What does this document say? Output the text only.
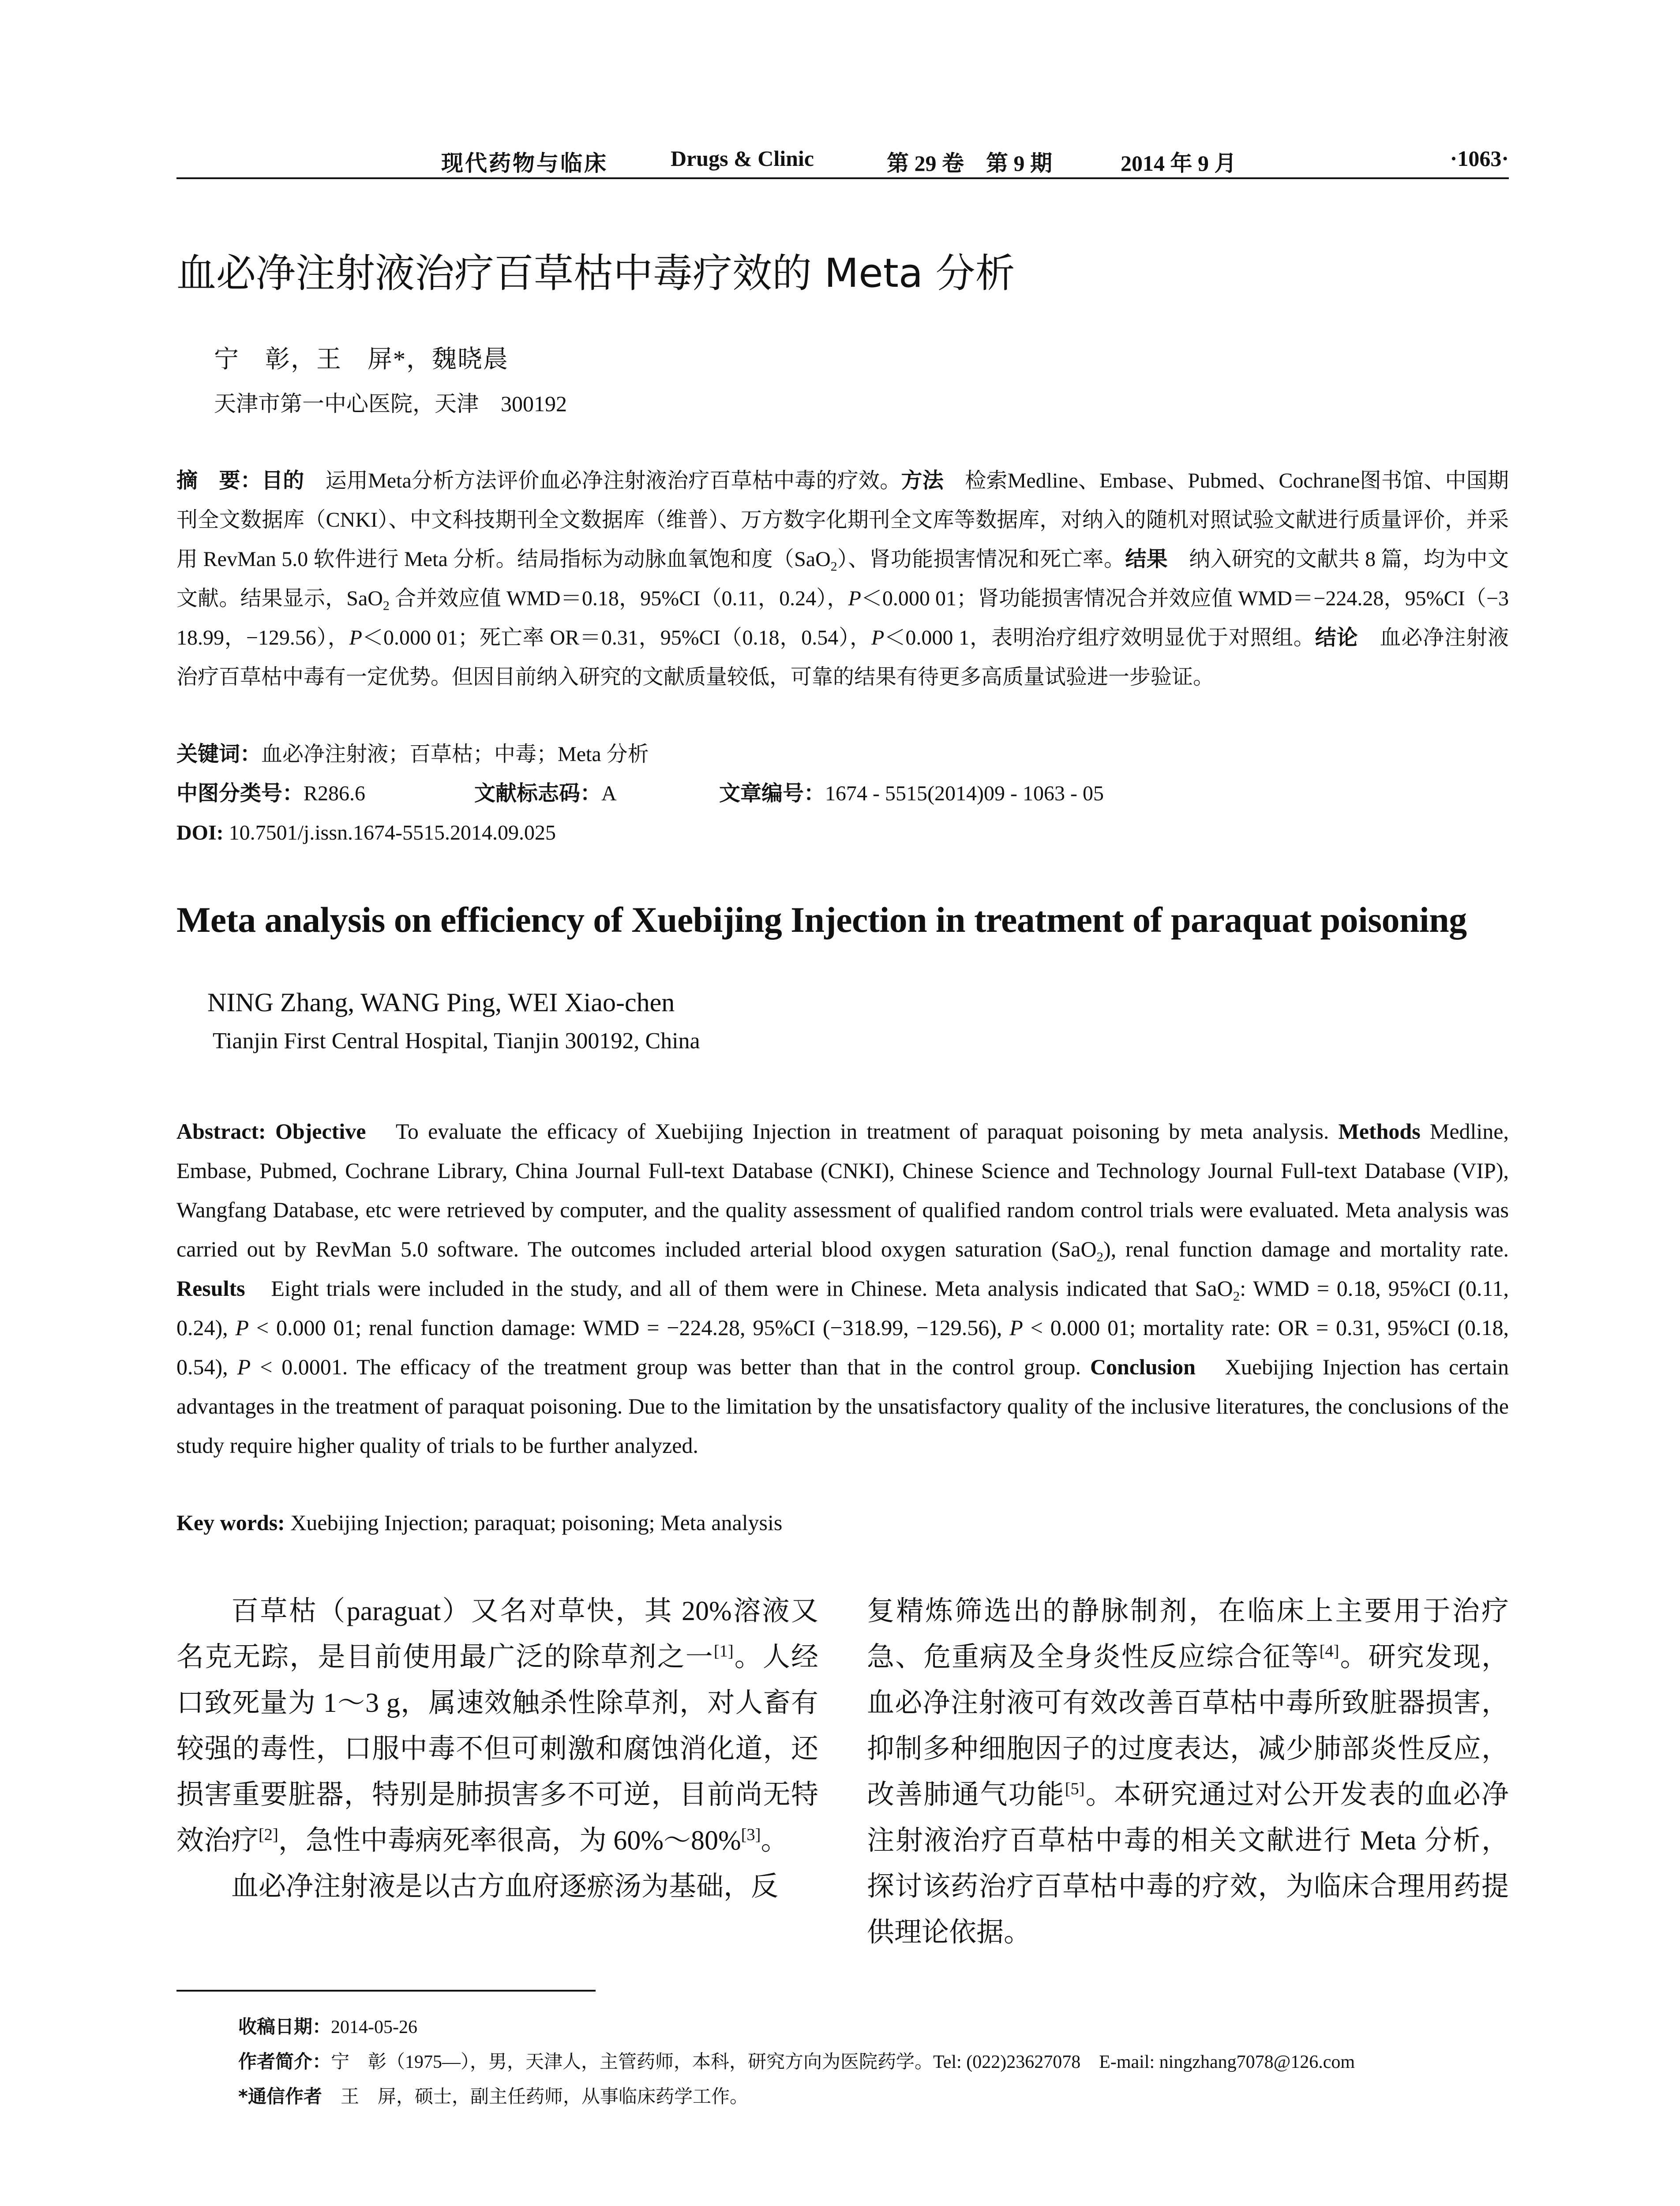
现代药物与临床	Drugs & Clinic	第 29 卷　第 9 期	2014 年 9 月	·1063·
血必净注射液治疗百草枯中毒疗效的 Meta 分析
宁　彰，王　屏*，魏晓晨
天津市第一中心医院，天津　300192
摘　要：目的　运用Meta分析方法评价血必净注射液治疗百草枯中毒的疗效。方法　检索Medline、Embase、Pubmed、Cochrane图书馆、中国期刊全文数据库（CNKI）、中文科技期刊全文数据库（维普）、万方数字化期刊全文库等数据库，对纳入的随机对照试验文献进行质量评价，并采用 RevMan 5.0 软件进行 Meta 分析。结局指标为动脉血氧饱和度（SaO$_2$）、肾功能损害情况和死亡率。结果　纳入研究的文献共 8 篇，均为中文文献。结果显示，SaO$_2$ 合并效应值 WMD＝0.18，95%CI（0.11，0.24），P＜0.000 01；肾功能损害情况合并效应值 WMD＝−224.28，95%CI（−318.99，−129.56），P＜0.000 01；死亡率 OR＝0.31，95%CI（0.18，0.54），P＜0.000 1，表明治疗组疗效明显优于对照组。结论　血必净注射液治疗百草枯中毒有一定优势。但因目前纳入研究的文献质量较低，可靠的结果有待更多高质量试验进一步验证。
关键词：血必净注射液；百草枯；中毒；Meta 分析
中图分类号：R286.6	文献标志码：A	文章编号：1674 - 5515(2014)09 - 1063 - 05
DOI: 10.7501/j.issn.1674-5515.2014.09.025
Meta analysis on efficiency of Xuebijing Injection in treatment of paraquat poisoning
NING Zhang, WANG Ping, WEI Xiao-chen
Tianjin First Central Hospital, Tianjin 300192, China
Abstract: Objective　To evaluate the efficacy of Xuebijing Injection in treatment of paraquat poisoning by meta analysis. Methods Medline, Embase, Pubmed, Cochrane Library, China Journal Full-text Database (CNKI), Chinese Science and Technology Journal Full-text Database (VIP), Wangfang Database, etc were retrieved by computer, and the quality assessment of qualified random control trials were evaluated. Meta analysis was carried out by RevMan 5.0 software. The outcomes included arterial blood oxygen saturation (SaO$_2$), renal function damage and mortality rate. Results　Eight trials were included in the study, and all of them were in Chinese. Meta analysis indicated that SaO$_2$: WMD = 0.18, 95%CI (0.11, 0.24), P < 0.000 01; renal function damage: WMD = −224.28, 95%CI (−318.99, −129.56), P < 0.000 01; mortality rate: OR = 0.31, 95%CI (0.18, 0.54), P < 0.0001. The efficacy of the treatment group was better than that in the control group. Conclusion　Xuebijing Injection has certain advantages in the treatment of paraquat poisoning. Due to the limitation by the unsatisfactory quality of the inclusive literatures, the conclusions of the study require higher quality of trials to be further analyzed.
Key words: Xuebijing Injection; paraquat; poisoning; Meta analysis

百草枯（paraguat）又名对草快，其 20%溶液又名克无踪，是目前使用最广泛的除草剂之一[1]。人经口致死量为 1～3 g，属速效触杀性除草剂，对人畜有较强的毒性，口服中毒不但可刺激和腐蚀消化道，还损害重要脏器，特别是肺损害多不可逆，目前尚无特效治疗[2]，急性中毒病死率很高，为 60%～80%[3]。

血必净注射液是以古方血府逐瘀汤为基础，反

复精炼筛选出的静脉制剂，在临床上主要用于治疗急、危重病及全身炎性反应综合征等[4]。研究发现，血必净注射液可有效改善百草枯中毒所致脏器损害，抑制多种细胞因子的过度表达，减少肺部炎性反应，改善肺通气功能[5]。本研究通过对公开发表的血必净注射液治疗百草枯中毒的相关文献进行 Meta 分析，探讨该药治疗百草枯中毒的疗效，为临床合理用药提供理论依据。

收稿日期：2014-05-26
作者简介：宁　彰（1975—），男，天津人，主管药师，本科，研究方向为医院药学。Tel: (022)23627078　E-mail: ningzhang7078@126.com
*通信作者　王　屏，硕士，副主任药师，从事临床药学工作。
